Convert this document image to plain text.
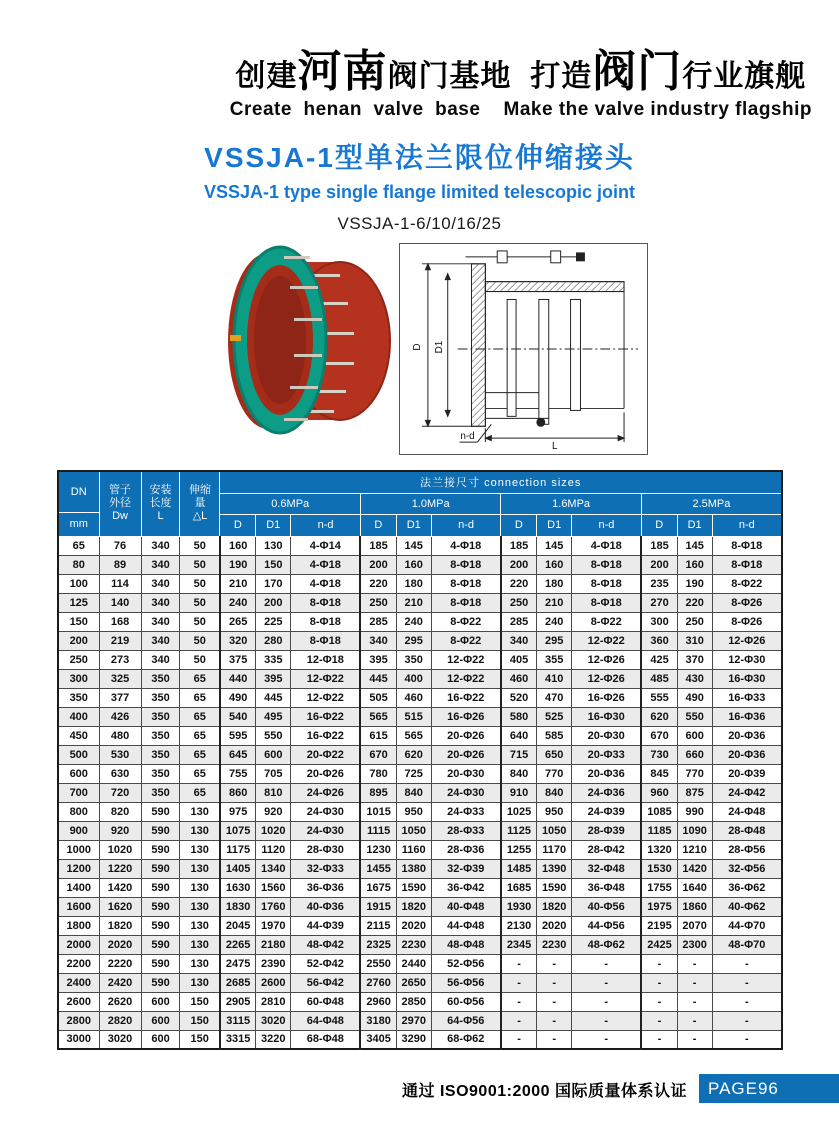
创建河南阀门基地 打造阀门行业旗舰
Create  henan  valve  base    Make the valve industry flagship
VSSJA-1型单法兰限位伸缩接头
VSSJA-1 type single flange limited telescopic joint
VSSJA-1-6/10/16/25
D D1
n-d
L
DN
mm

管子
外径
Dw

安装
长度
L

伸缩
量
△L
	法兰接尺寸 connection sizes
				0.6MPa			1.0MPa			1.6MPa			2.5MPa		
				D	D1	n-d	D	D1	n-d	D	D1	n-d	D	D1	n-d
65	76	340	50	160	130	4-Φ14	185	145	4-Φ18	185	145	4-Φ18	185	145	8-Φ18
80	89	340	50	190	150	4-Φ18	200	160	8-Φ18	200	160	8-Φ18	200	160	8-Φ18
100	114	340	50	210	170	4-Φ18	220	180	8-Φ18	220	180	8-Φ18	235	190	8-Φ22
125	140	340	50	240	200	8-Φ18	250	210	8-Φ18	250	210	8-Φ18	270	220	8-Φ26
150	168	340	50	265	225	8-Φ18	285	240	8-Φ22	285	240	8-Φ22	300	250	8-Φ26
200	219	340	50	320	280	8-Φ18	340	295	8-Φ22	340	295	12-Φ22	360	310	12-Φ26
250	273	340	50	375	335	12-Φ18	395	350	12-Φ22	405	355	12-Φ26	425	370	12-Φ30
300	325	350	65	440	395	12-Φ22	445	400	12-Φ22	460	410	12-Φ26	485	430	16-Φ30
350	377	350	65	490	445	12-Φ22	505	460	16-Φ22	520	470	16-Φ26	555	490	16-Φ33
400	426	350	65	540	495	16-Φ22	565	515	16-Φ26	580	525	16-Φ30	620	550	16-Φ36
450	480	350	65	595	550	16-Φ22	615	565	20-Φ26	640	585	20-Φ30	670	600	20-Φ36
500	530	350	65	645	600	20-Φ22	670	620	20-Φ26	715	650	20-Φ33	730	660	20-Φ36
600	630	350	65	755	705	20-Φ26	780	725	20-Φ30	840	770	20-Φ36	845	770	20-Φ39
700	720	350	65	860	810	24-Φ26	895	840	24-Φ30	910	840	24-Φ36	960	875	24-Φ42
800	820	590	130	975	920	24-Φ30	1015	950	24-Φ33	1025	950	24-Φ39	1085	990	24-Φ48
900	920	590	130	1075	1020	24-Φ30	1115	1050	28-Φ33	1125	1050	28-Φ39	1185	1090	28-Φ48
1000	1020	590	130	1175	1120	28-Φ30	1230	1160	28-Φ36	1255	1170	28-Φ42	1320	1210	28-Φ56
1200	1220	590	130	1405	1340	32-Φ33	1455	1380	32-Φ39	1485	1390	32-Φ48	1530	1420	32-Φ56
1400	1420	590	130	1630	1560	36-Φ36	1675	1590	36-Φ42	1685	1590	36-Φ48	1755	1640	36-Φ62
1600	1620	590	130	1830	1760	40-Φ36	1915	1820	40-Φ48	1930	1820	40-Φ56	1975	1860	40-Φ62
1800	1820	590	130	2045	1970	44-Φ39	2115	2020	44-Φ48	2130	2020	44-Φ56	2195	2070	44-Φ70
2000	2020	590	130	2265	2180	48-Φ42	2325	2230	48-Φ48	2345	2230	48-Φ62	2425	2300	48-Φ70
2200	2220	590	130	2475	2390	52-Φ42	2550	2440	52-Φ56	-	-	-	-	-	-
2400	2420	590	130	2685	2600	56-Φ42	2760	2650	56-Φ56	-	-	-	-	-	-
2600	2620	600	150	2905	2810	60-Φ48	2960	2850	60-Φ56	-	-	-	-	-	-
2800	2820	600	150	3115	3020	64-Φ48	3180	2970	64-Φ56	-	-	-	-	-	-
3000	3020	600	150	3315	3220	68-Φ48	3405	3290	68-Φ62	-	-	-	-	-	-
通过 ISO9001:2000 国际质量体系认证	PAGE96
